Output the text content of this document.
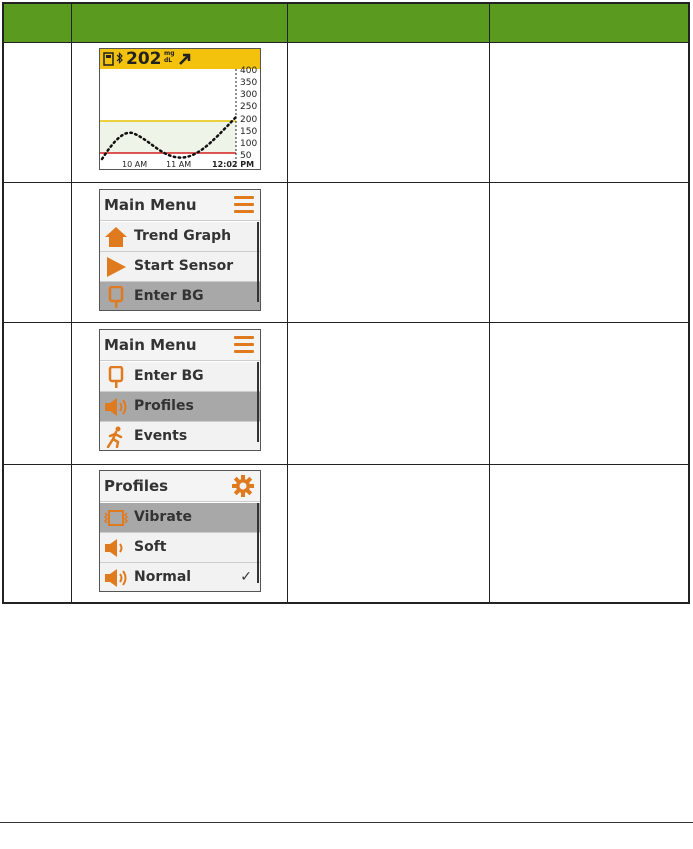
202 mg
dL
400
350
300
250
200
150
100
50
10 AM 11 AM	12:02 PM
Main Menu
Trend Graph
Start Sensor
Enter BG
Main Menu
Enter BG
Profiles
Events
Profiles
Vibrate
Soft
Normal	✓
